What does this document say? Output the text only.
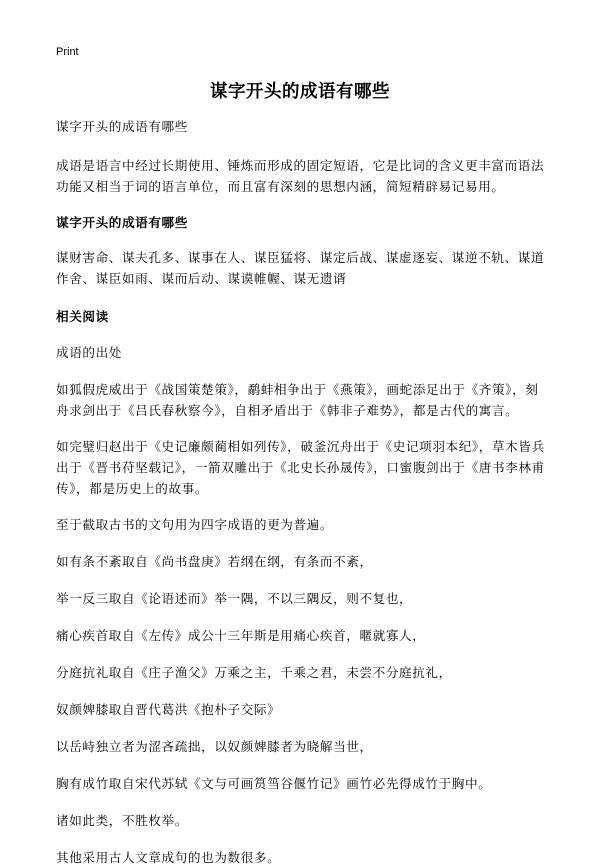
Print
谋字开头的成语有哪些

谋字开头的成语有哪些

成语是语言中经过长期使用、锤炼而形成的固定短语，它是比词的含义更丰富而语法功能又相当于词的语言单位，而且富有深刻的思想内涵，简短精辟易记易用。

谋字开头的成语有哪些

谋财害命、谋夫孔多、谋事在人、谋臣猛将、谋定后战、谋虚逐妄、谋逆不轨、谋道作舍、谋臣如雨、谋而后动、谋谟帷幄、谋无遗谞

相关阅读

成语的出处

如狐假虎威出于《战国策楚策》，鹬蚌相争出于《燕策》，画蛇添足出于《齐策》，刻舟求剑出于《吕氏春秋察今》，自相矛盾出于《韩非子难势》，都是古代的寓言。

如完璧归赵出于《史记廉颇蔺相如列传》，破釜沉舟出于《史记项羽本纪》，草木皆兵出于《晋书苻坚载记》，一箭双雕出于《北史长孙晟传》，口蜜腹剑出于《唐书李林甫传》，都是历史上的故事。

至于截取古书的文句用为四字成语的更为普遍。

如有条不紊取自《尚书盘庚》若纲在纲，有条而不紊，

举一反三取自《论语述而》举一隅，不以三隅反，则不复也，

痛心疾首取自《左传》成公十三年斯是用痛心疾首，暱就寡人，

分庭抗礼取自《庄子渔父》万乘之主，千乘之君，未尝不分庭抗礼，

奴颜婢膝取自晋代葛洪《抱朴子交际》

以岳峙独立者为涩吝疏拙，以奴颜婢膝者为晓解当世，

胸有成竹取自宋代苏轼《文与可画筼筜谷偃竹记》画竹必先得成竹于胸中。

诸如此类，不胜枚举。

其他采用古人文章成句的也为数很多。
